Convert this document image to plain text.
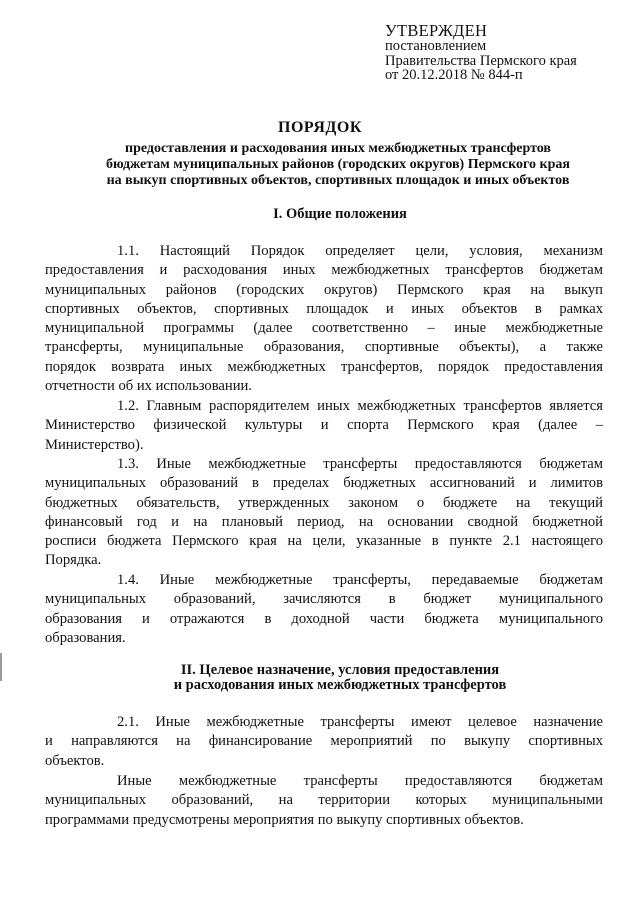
УТВЕРЖДЕН
постановлением
Правительства Пермского края
от 20.12.2018 № 844-п
ПОРЯДОК
предоставления и расходования иных межбюджетных трансфертов
бюджетам муниципальных районов (городских округов) Пермского края
на выкуп спортивных объектов, спортивных площадок и иных объектов
I. Общие положения
1.1. Настоящий Порядок определяет цели, условия, механизм
предоставления и расходования иных межбюджетных трансфертов бюджетам
муниципальных районов (городских округов) Пермского края на выкуп
спортивных объектов, спортивных площадок и иных объектов в рамках
муниципальной программы (далее соответственно – иные межбюджетные
трансферты, муниципальные образования, спортивные объекты), а также
порядок возврата иных межбюджетных трансфертов, порядок предоставления
отчетности об их использовании.
1.2. Главным распорядителем иных межбюджетных трансфертов является
Министерство физической культуры и спорта Пермского края (далее –
Министерство).
1.3. Иные межбюджетные трансферты предоставляются бюджетам
муниципальных образований в пределах бюджетных ассигнований и лимитов
бюджетных обязательств, утвержденных законом о бюджете на текущий
финансовый год и на плановый период, на основании сводной бюджетной
росписи бюджета Пермского края на цели, указанные в пункте 2.1 настоящего
Порядка.
1.4. Иные межбюджетные трансферты, передаваемые бюджетам
муниципальных образований, зачисляются в бюджет муниципального
образования и отражаются в доходной части бюджета муниципального
образования.
II. Целевое назначение, условия предоставления
и расходования иных межбюджетных трансфертов
2.1. Иные межбюджетные трансферты имеют целевое назначение
и направляются на финансирование мероприятий по выкупу спортивных
объектов.
Иные межбюджетные трансферты предоставляются бюджетам
муниципальных образований, на территории которых муниципальными
программами предусмотрены мероприятия по выкупу спортивных объектов.
